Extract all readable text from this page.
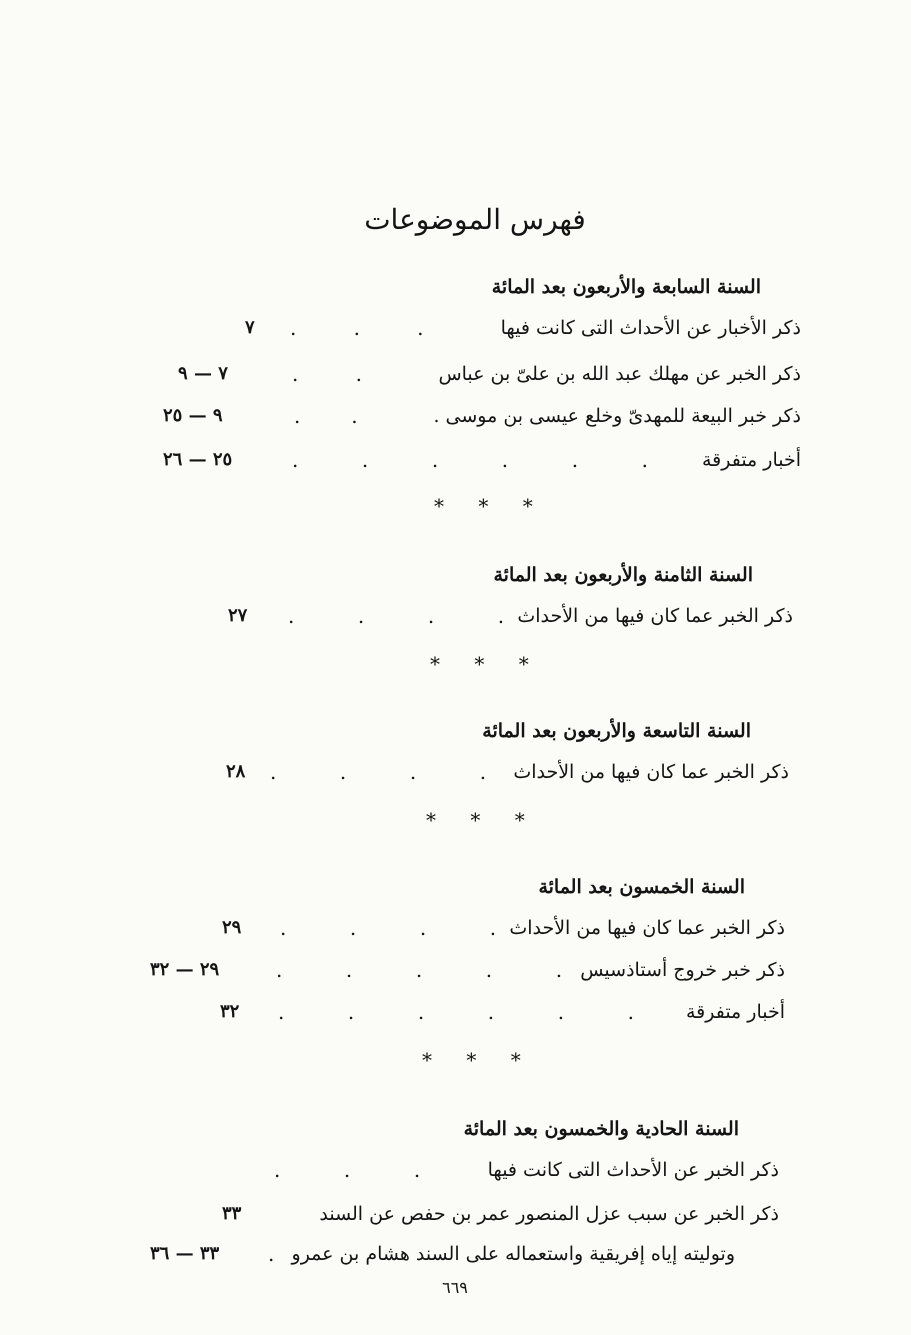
فهرس الموضوعات
السنة السابعة والأربعون بعد المائة
ذكر الأخبار عن الأحداث التى كانت فيها
.         .         .
٧
ذكر الخبر عن مهلك عبد الله بن علىّ بن عباس
.         .
٧ — ٩
ذكر خبر البيعة للمهدىّ وخلع عيسى بن موسى .
.        .
٩ — ٢٥
أخبار متفرقة
.          .          .          .          .          .
٢٥ — ٢٦
* * *
السنة الثامنة والأربعون بعد المائة
ذكر الخبر عما كان فيها من الأحداث
.          .          .          .
٢٧
* * *
السنة التاسعة والأربعون بعد المائة
ذكر الخبر عما كان فيها من الأحداث
.          .          .          .
٢٨
* * *
السنة الخمسون بعد المائة
ذكر الخبر عما كان فيها من الأحداث
.          .          .          .
٢٩
ذكر خبر خروج أستاذسيس
.          .          .          .          .
٢٩ — ٣٢
أخبار متفرقة
.          .          .          .          .          .
٣٢
* * *
السنة الحادية والخمسون بعد المائة
ذكر الخبر عن الأحداث التى كانت فيها
.          .          .
ذكر الخبر عن سبب عزل المنصور عمر بن حفص عن السند
٣٣
وتوليته إياه إفريقية واستعماله على السند هشام بن عمرو
.
٣٣ — ٣٦
٦٦٩
